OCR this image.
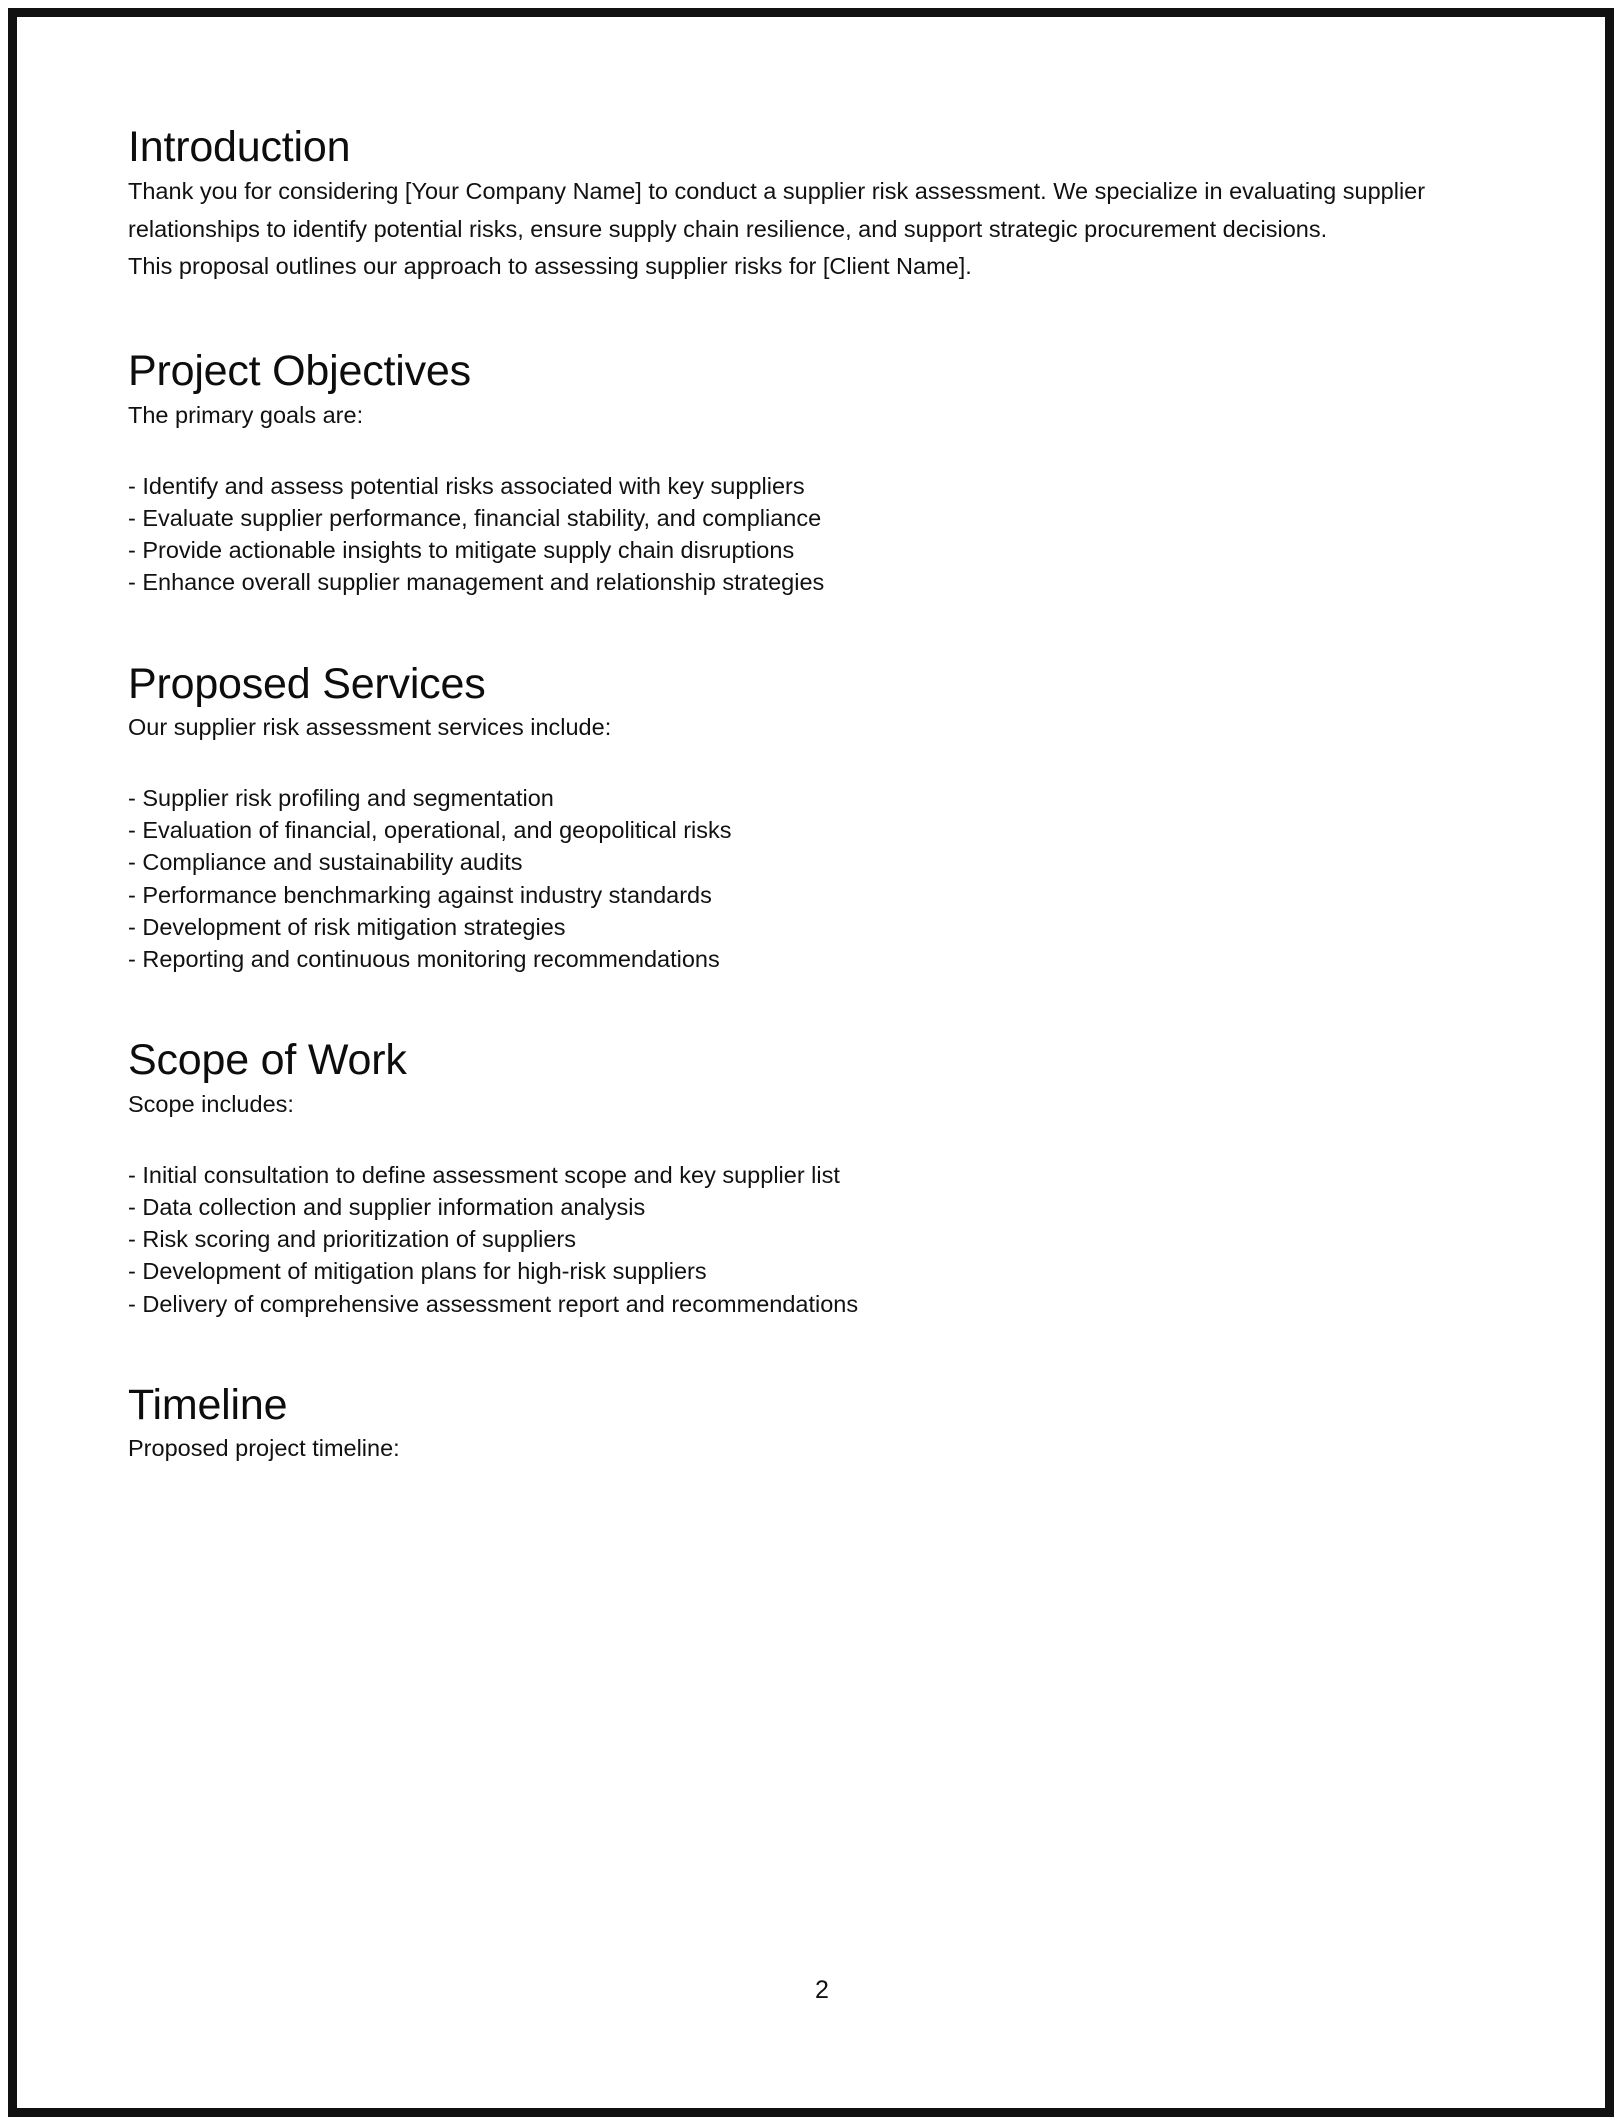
Introduction

Thank you for considering [Your Company Name] to conduct a supplier risk assessment. We specialize in evaluating supplier relationships to identify potential risks, ensure supply chain resilience, and support strategic procurement decisions.

This proposal outlines our approach to assessing supplier risks for [Client Name].

Project Objectives

The primary goals are:

- Identify and assess potential risks associated with key suppliers
- Evaluate supplier performance, financial stability, and compliance
- Provide actionable insights to mitigate supply chain disruptions
- Enhance overall supplier management and relationship strategies
Proposed Services

Our supplier risk assessment services include:

- Supplier risk profiling and segmentation
- Evaluation of financial, operational, and geopolitical risks
- Compliance and sustainability audits
- Performance benchmarking against industry standards
- Development of risk mitigation strategies
- Reporting and continuous monitoring recommendations
Scope of Work

Scope includes:

- Initial consultation to define assessment scope and key supplier list
- Data collection and supplier information analysis
- Risk scoring and prioritization of suppliers
- Development of mitigation plans for high-risk suppliers
- Delivery of comprehensive assessment report and recommendations
Timeline

Proposed project timeline:

2
